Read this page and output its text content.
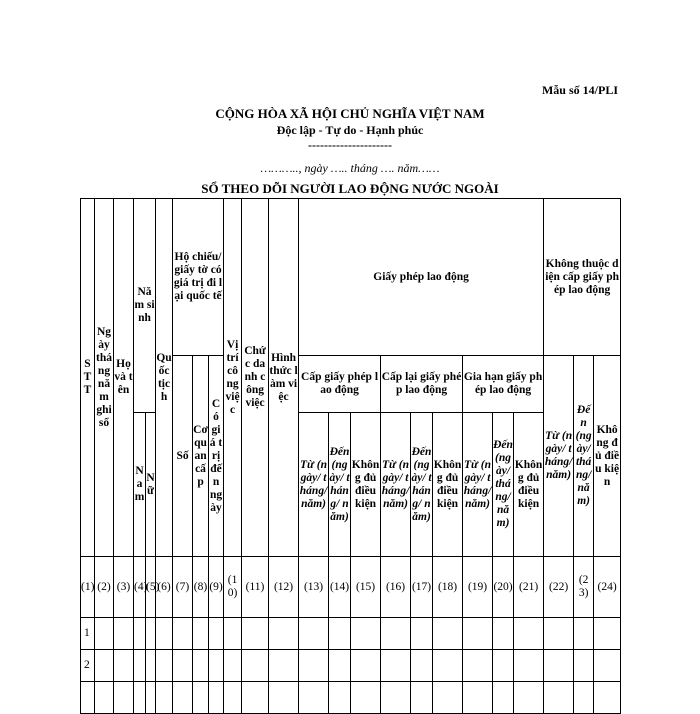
Mẫu số 14/PLI
CỘNG HÒA XÃ HỘI CHỦ NGHĨA VIỆT NAM
Độc lập - Tự do - Hạnh phúc
---------------------
……….., ngày ….. tháng …. năm……
SỔ THEO DÕI NGƯỜI LAO ĐỘNG NƯỚC NGOÀI
STT	Ngày tháng năm ghi sổ	Họ và tên	Năm sinh		Quốc tịch	Hộ chiếu/ giấy tờ có giá trị đi lại quốc tế			Vị trí công việc	Chức danh công việc	Hình thức làm việc	Giấy phép lao động									Không thuộc diện cấp giấy phép lao động	
						Số	Cơ quan cấp	Có giá trị đến ngày				Cấp giấy phép lao động			Cấp lại giấy phép lao động			Gia hạn giấy phép lao động			Từ (ngày/ tháng/ năm)	Đến (ngày/ tháng/ năm)	Không đủ điều kiện	
			Nam	Nữ								Từ (ngày/ tháng/ năm)	Đến (ngày/ tháng/ năm)	Không đủ điều kiện	Từ (ngày/ tháng/ năm)	Đến (ngày/ tháng/ năm)	Không đủ điều kiện	Từ (ngày/ tháng/ năm)	Đến (ngày/ tháng/ năm)	Không đủ điều kiện				
(1)	(2)	(3)	(4)	(5)	(6)	(7)	(8)	(9)	(10)	(11)	(12)	(13)	(14)	(15)	(16)	(17)	(18)	(19)	(20)	(21)	(22)	(23)	(24)	
1																								
2																								
